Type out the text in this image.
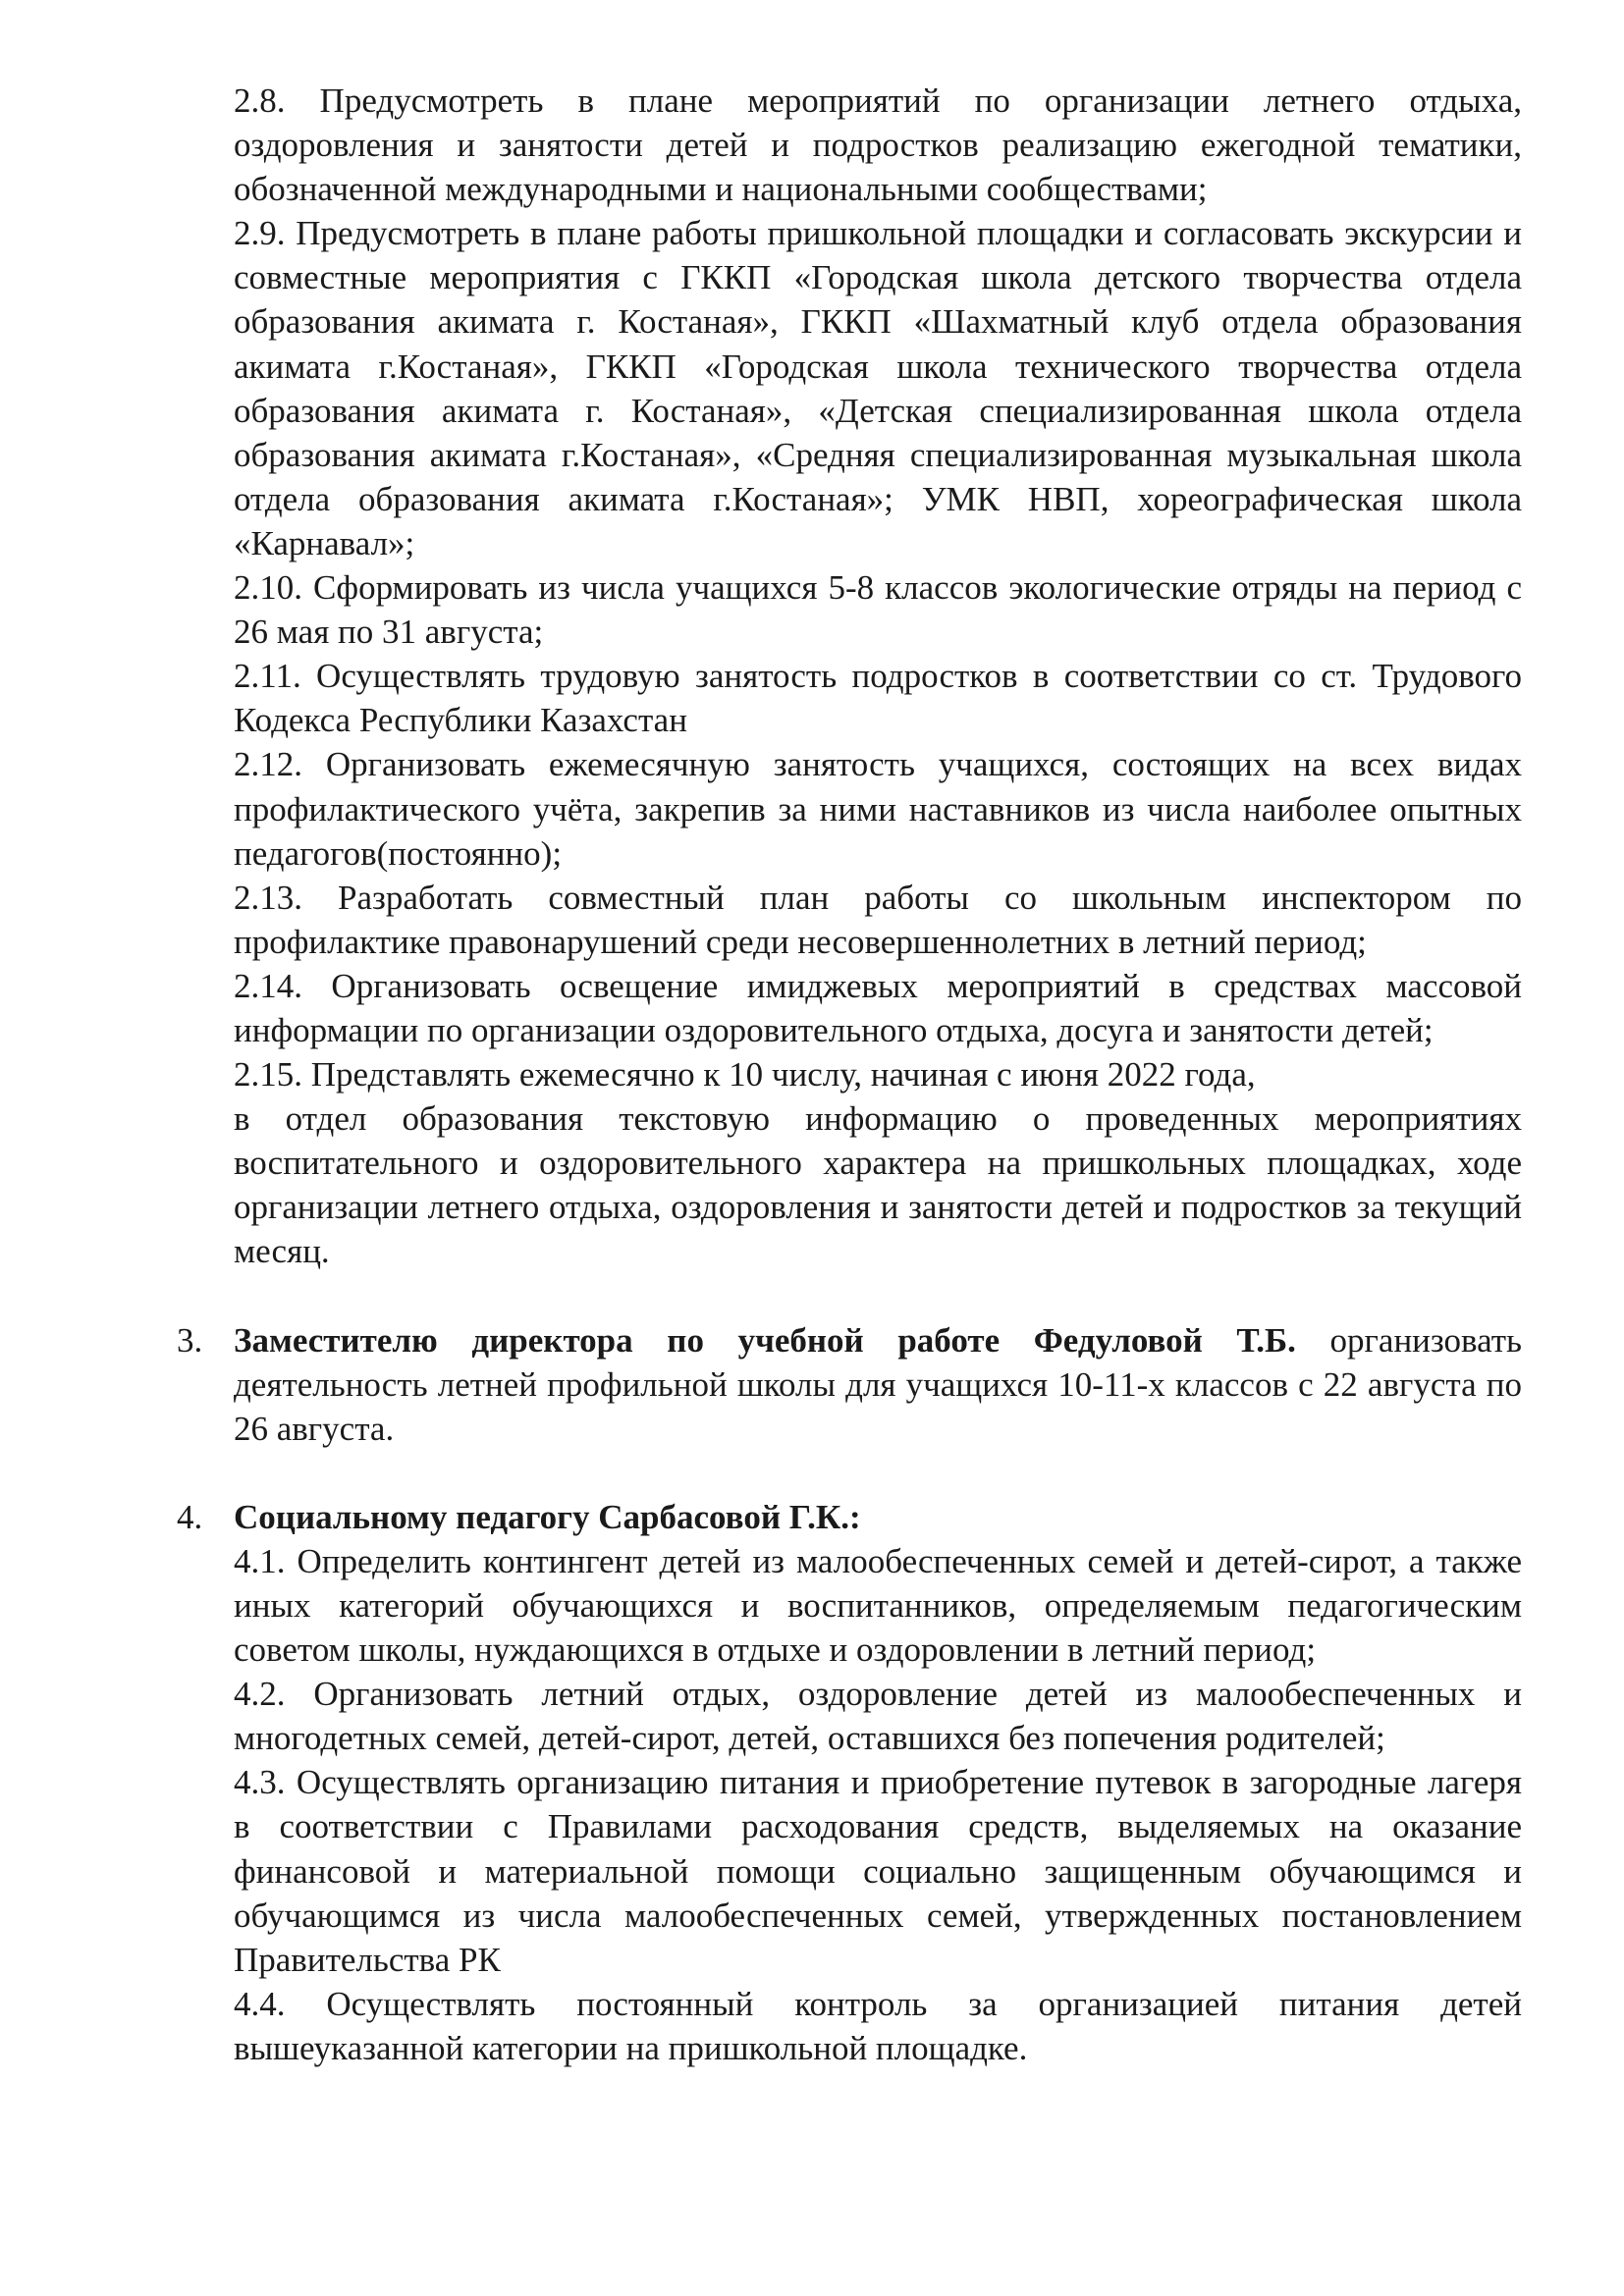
2.8. Предусмотреть в плане мероприятий по организации летнего отдыха, оздоровления и занятости детей и подростков реализацию ежегодной тематики, обозначенной международными и национальными сообществами;

2.9. Предусмотреть в плане работы пришкольной площадки и согласовать экскурсии и совместные мероприятия с ГККП «Городская школа детского творчества отдела образования акимата г. Костаная», ГККП «Шахматный клуб отдела образования акимата г.Костаная», ГККП «Городская школа технического творчества отдела образования акимата г. Костаная», «Детская специализированная школа отдела образования акимата г.Костаная», «Средняя специализированная музыкальная школа отдела образования акимата г.Костаная»; УМК НВП, хореографическая школа «Карнавал»;

2.10. Сформировать из числа учащихся 5-8 классов экологические отряды на период с 26 мая по 31 августа;

2.11. Осуществлять трудовую занятость подростков в соответствии со ст. Трудового Кодекса Республики Казахстан

2.12. Организовать ежемесячную занятость учащихся, состоящих на всех видах профилактического учёта, закрепив за ними наставников из числа наиболее опытных педагогов(постоянно);

2.13. Разработать совместный план работы со школьным инспектором по профилактике правонарушений среди несовершеннолетних в летний период;

2.14. Организовать освещение имиджевых мероприятий в средствах массовой информации по организации оздоровительного отдыха, досуга и занятости детей;

2.15. Представлять ежемесячно к 10 числу, начиная с июня 2022 года,

в отдел образования текстовую информацию о проведенных мероприятиях воспитательного и оздоровительного характера на пришкольных площадках, ходе организации летнего отдыха, оздоровления и занятости детей и подростков за текущий месяц.

3. Заместителю директора по учебной работе Федуловой Т.Б. организовать деятельность летней профильной школы для учащихся 10-11-х классов с 22 августа по 26 августа.

4. Социальному педагогу Сарбасовой Г.К.:

4.1. Определить контингент детей из малообеспеченных семей и детей-сирот, а также иных категорий обучающихся и воспитанников, определяемым педагогическим советом школы, нуждающихся в отдыхе и оздоровлении в летний период;

4.2. Организовать летний отдых, оздоровление детей из малообеспеченных и многодетных семей, детей-сирот, детей, оставшихся без попечения родителей;

4.3. Осуществлять организацию питания и приобретение путевок в загородные лагеря в соответствии с Правилами расходования средств, выделяемых на оказание финансовой и материальной помощи социально защищенным обучающимся и обучающимся из числа малообеспеченных семей, утвержденных постановлением Правительства РК

4.4. Осуществлять постоянный контроль за организацией питания детей вышеуказанной категории на пришкольной площадке.
